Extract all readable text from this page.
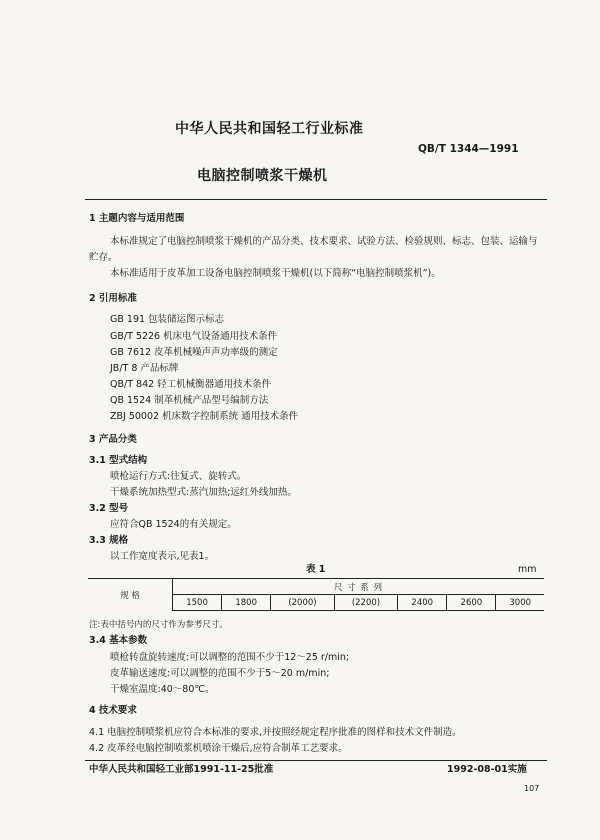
中华人民共和国轻工行业标准
QB/T 1344—1991
电脑控制喷浆干燥机
1 主题内容与适用范围
本标准规定了电脑控制喷浆干燥机的产品分类、技术要求、试验方法、检验规则、标志、包装、运输与
贮存。
本标准适用于皮革加工设备电脑控制喷浆干燥机(以下简称“电脑控制喷浆机”)。
2 引用标准
GB 191 包装储运图示标志
GB/T 5226 机床电气设备通用技术条件
GB 7612 皮革机械噪声声功率级的测定
JB/T 8 产品标牌
QB/T 842 轻工机械衡器通用技术条件
QB 1524 制革机械产品型号编制方法
ZBJ 50002 机床数字控制系统 通用技术条件
3 产品分类
3.1 型式结构
喷枪运行方式:往复式、旋转式。
干燥系统加热型式:蒸汽加热;远红外线加热。
3.2 型号
应符合QB 1524的有关规定。
3.3 规格
以工作宽度表示,见表1。
表 1	mm
规 格	尺 寸 系 列						
	1500	1800	(2000)	(2200)	2400	2600	3000
注:表中括号内的尺寸作为参考尺寸。
3.4 基本参数
喷枪转盘旋转速度:可以调整的范围不少于12～25 r/min;
皮革输送速度:可以调整的范围不少于5～20 m/min;
干燥室温度:40～80℃。
4 技术要求
4.1 电脑控制喷浆机应符合本标准的要求,并按照经规定程序批准的图样和技术文件制造。
4.2 皮革经电脑控制喷浆机喷涂干燥后,应符合制革工艺要求。
中华人民共和国轻工业部1991-11-25批准	1992-08-01实施
107
